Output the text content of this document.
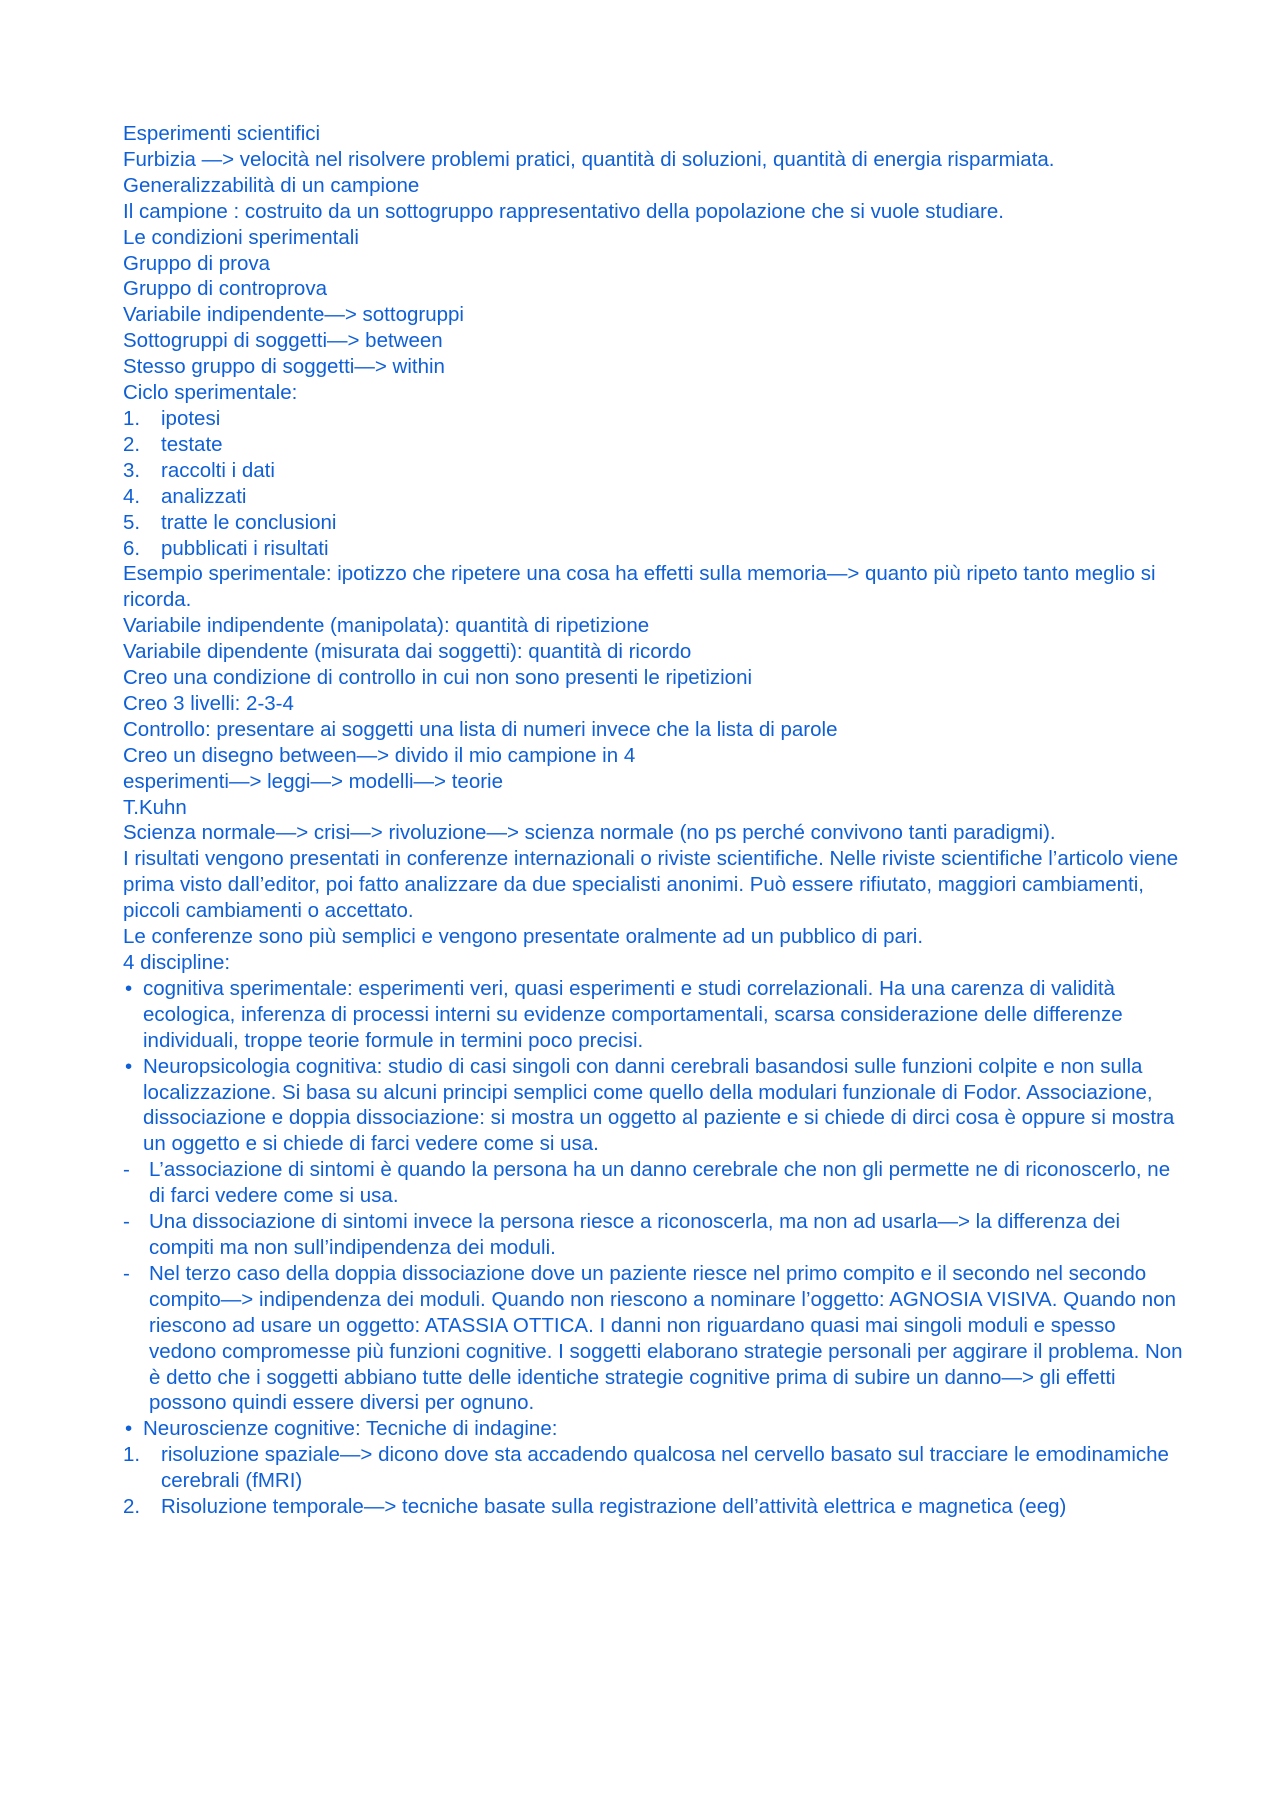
Esperimenti scientifici

Furbizia —> velocità nel risolvere problemi pratici, quantità di soluzioni, quantità di energia risparmiata.

Generalizzabilità di un campione

Il campione : costruito da un sottogruppo rappresentativo della popolazione che si vuole studiare.

Le condizioni sperimentali

Gruppo di prova

Gruppo di controprova

Variabile indipendente—> sottogruppi

Sottogruppi di soggetti—> between

Stesso gruppo di soggetti—> within

Ciclo sperimentale:

1.	ipotesi
2.	testate
3.	raccolti i dati
4.	analizzati
5.	tratte le conclusioni
6.	pubblicati i risultati

Esempio sperimentale: ipotizzo che ripetere una cosa ha effetti sulla memoria—> quanto più ripeto tanto meglio si ricorda.

Variabile indipendente (manipolata): quantità di ripetizione

Variabile dipendente (misurata dai soggetti): quantità di ricordo

Creo una condizione di controllo in cui non sono presenti le ripetizioni

Creo 3 livelli: 2-3-4

Controllo: presentare ai soggetti una lista di numeri invece che la lista di parole

Creo un disegno between—> divido il mio campione in 4

esperimenti—> leggi—> modelli—> teorie

T.Kuhn

Scienza normale—> crisi—> rivoluzione—> scienza normale (no ps perché convivono tanti paradigmi).

I risultati vengono presentati in conferenze internazionali o riviste scientifiche. Nelle riviste scientifiche l’articolo viene prima visto dall’editor, poi fatto analizzare da due specialisti anonimi. Può essere rifiutato, maggiori cambiamenti, piccoli cambiamenti o accettato.

Le conferenze sono più semplici e vengono presentate oralmente ad un pubblico di pari.

4 discipline:

• cognitiva sperimentale: esperimenti veri, quasi esperimenti e studi correlazionali. Ha una carenza di validità ecologica, inferenza di processi interni su evidenze comportamentali, scarsa considerazione delle differenze individuali, troppe teorie formule in termini poco precisi.
• Neuropsicologia cognitiva: studio di casi singoli con danni cerebrali basandosi sulle funzioni colpite e non sulla localizzazione. Si basa su alcuni principi semplici come quello della modulari funzionale di Fodor. Associazione, dissociazione e doppia dissociazione: si mostra un oggetto al paziente e si chiede di dirci cosa è oppure si mostra un oggetto e si chiede di farci vedere come si usa.
- L’associazione di sintomi è quando la persona ha un danno cerebrale che non gli permette ne di riconoscerlo, ne di farci vedere come si usa.
- Una dissociazione di sintomi invece la persona riesce a riconoscerla, ma non ad usarla—> la differenza dei compiti ma non sull’indipendenza dei moduli.
- Nel terzo caso della doppia dissociazione dove un paziente riesce nel primo compito e il secondo nel secondo compito—> indipendenza dei moduli. Quando non riescono a nominare l’oggetto: AGNOSIA VISIVA. Quando non riescono ad usare un oggetto: ATASSIA OTTICA. I danni non riguardano quasi mai singoli moduli e spesso vedono compromesse più funzioni cognitive. I soggetti elaborano strategie personali per aggirare il problema. Non è detto che i soggetti abbiano tutte delle identiche strategie cognitive prima di subire un danno—> gli effetti possono quindi essere diversi per ognuno.
• Neuroscienze cognitive: Tecniche di indagine:
1.	risoluzione spaziale—> dicono dove sta accadendo qualcosa nel cervello basato sul tracciare le emodinamiche cerebrali (fMRI)
2.	Risoluzione temporale—> tecniche basate sulla registrazione dell’attività elettrica e magnetica (eeg)
